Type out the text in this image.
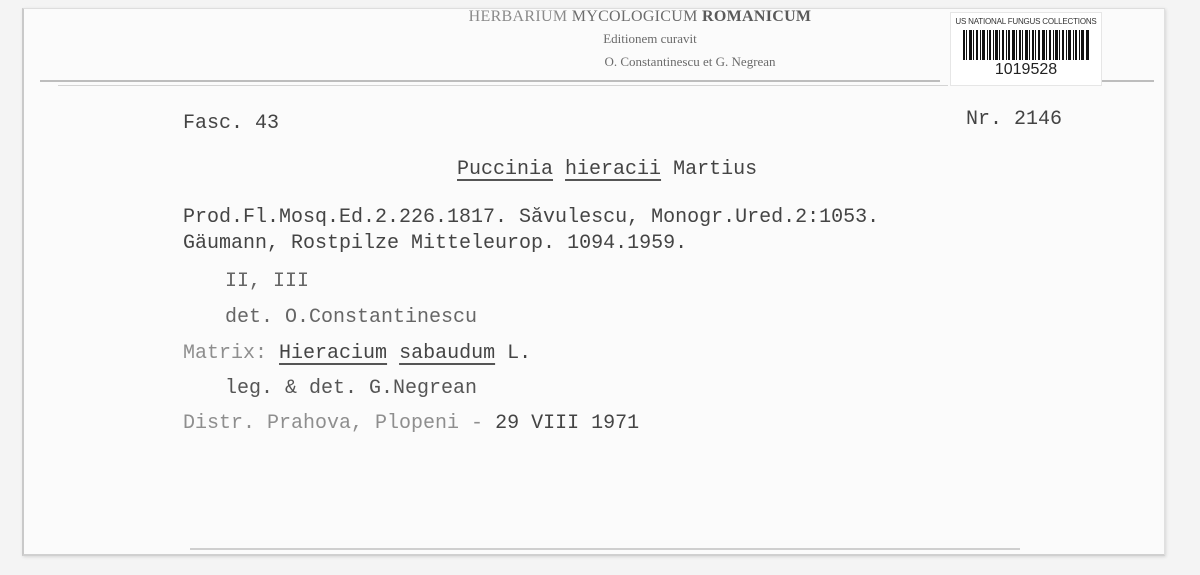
HERBARIUM MYCOLOGICUM ROMANICUM
Editionem curavit
O. Constantinescu et G. Negrean
US NATIONAL FUNGUS COLLECTIONS
1019528
Fasc. 43	Nr. 2146
Puccinia hieracii Martius
Prod.Fl.Mosq.Ed.2.226.1817. Săvulescu, Monogr.Ured.2:1053.
Gäumann, Rostpilze Mitteleurop. 1094.1959.
II, III
det. O.Constantinescu
Matrix: Hieracium sabaudum L.
leg. & det. G.Negrean
Distr. Prahova, Plopeni - 29 VIII 1971
